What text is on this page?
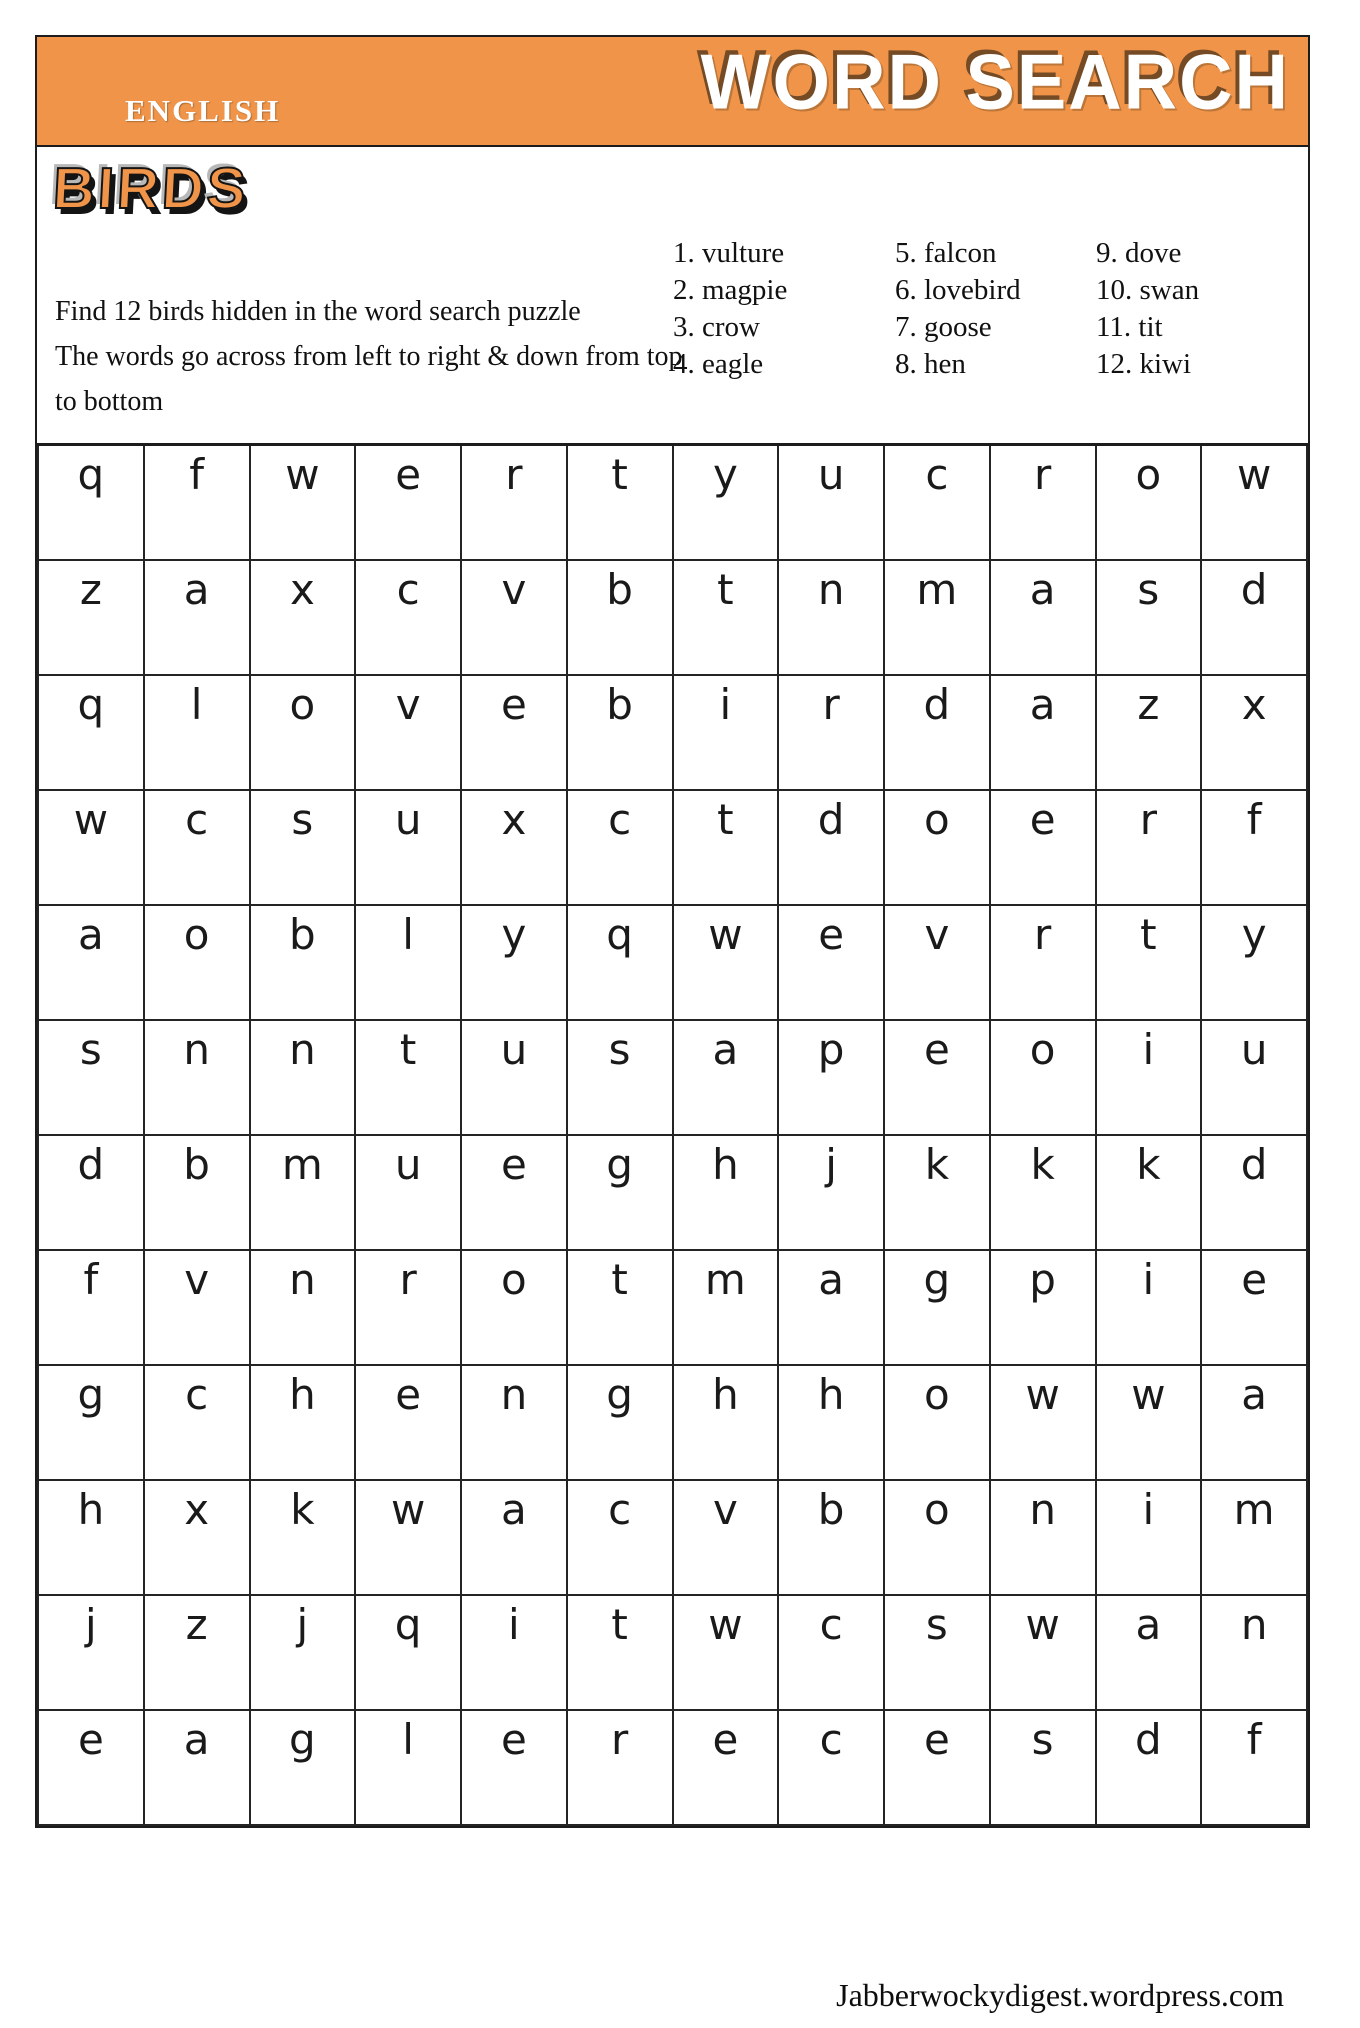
ENGLISH	WORD SEARCH
BIRDS
Find 12 birds hidden in the word search puzzle
The words go across from left to right & down from top
to bottom
1. vulture
2. magpie
3. crow
4. eagle
5. falcon
6. lovebird
7. goose
8. hen
9. dove
10. swan
11. tit
12. kiwi
q	f	w	e	r	t	y	u	c	r	o	w
z	a	x	c	v	b	t	n	m	a	s	d
q	l	o	v	e	b	i	r	d	a	z	x
w	c	s	u	x	c	t	d	o	e	r	f
a	o	b	l	y	q	w	e	v	r	t	y
s	n	n	t	u	s	a	p	e	o	i	u
d	b	m	u	e	g	h	j	k	k	k	d
f	v	n	r	o	t	m	a	g	p	i	e
g	c	h	e	n	g	h	h	o	w	w	a
h	x	k	w	a	c	v	b	o	n	i	m
j	z	j	q	i	t	w	c	s	w	a	n
e	a	g	l	e	r	e	c	e	s	d	f
Jabberwockydigest.wordpress.com
